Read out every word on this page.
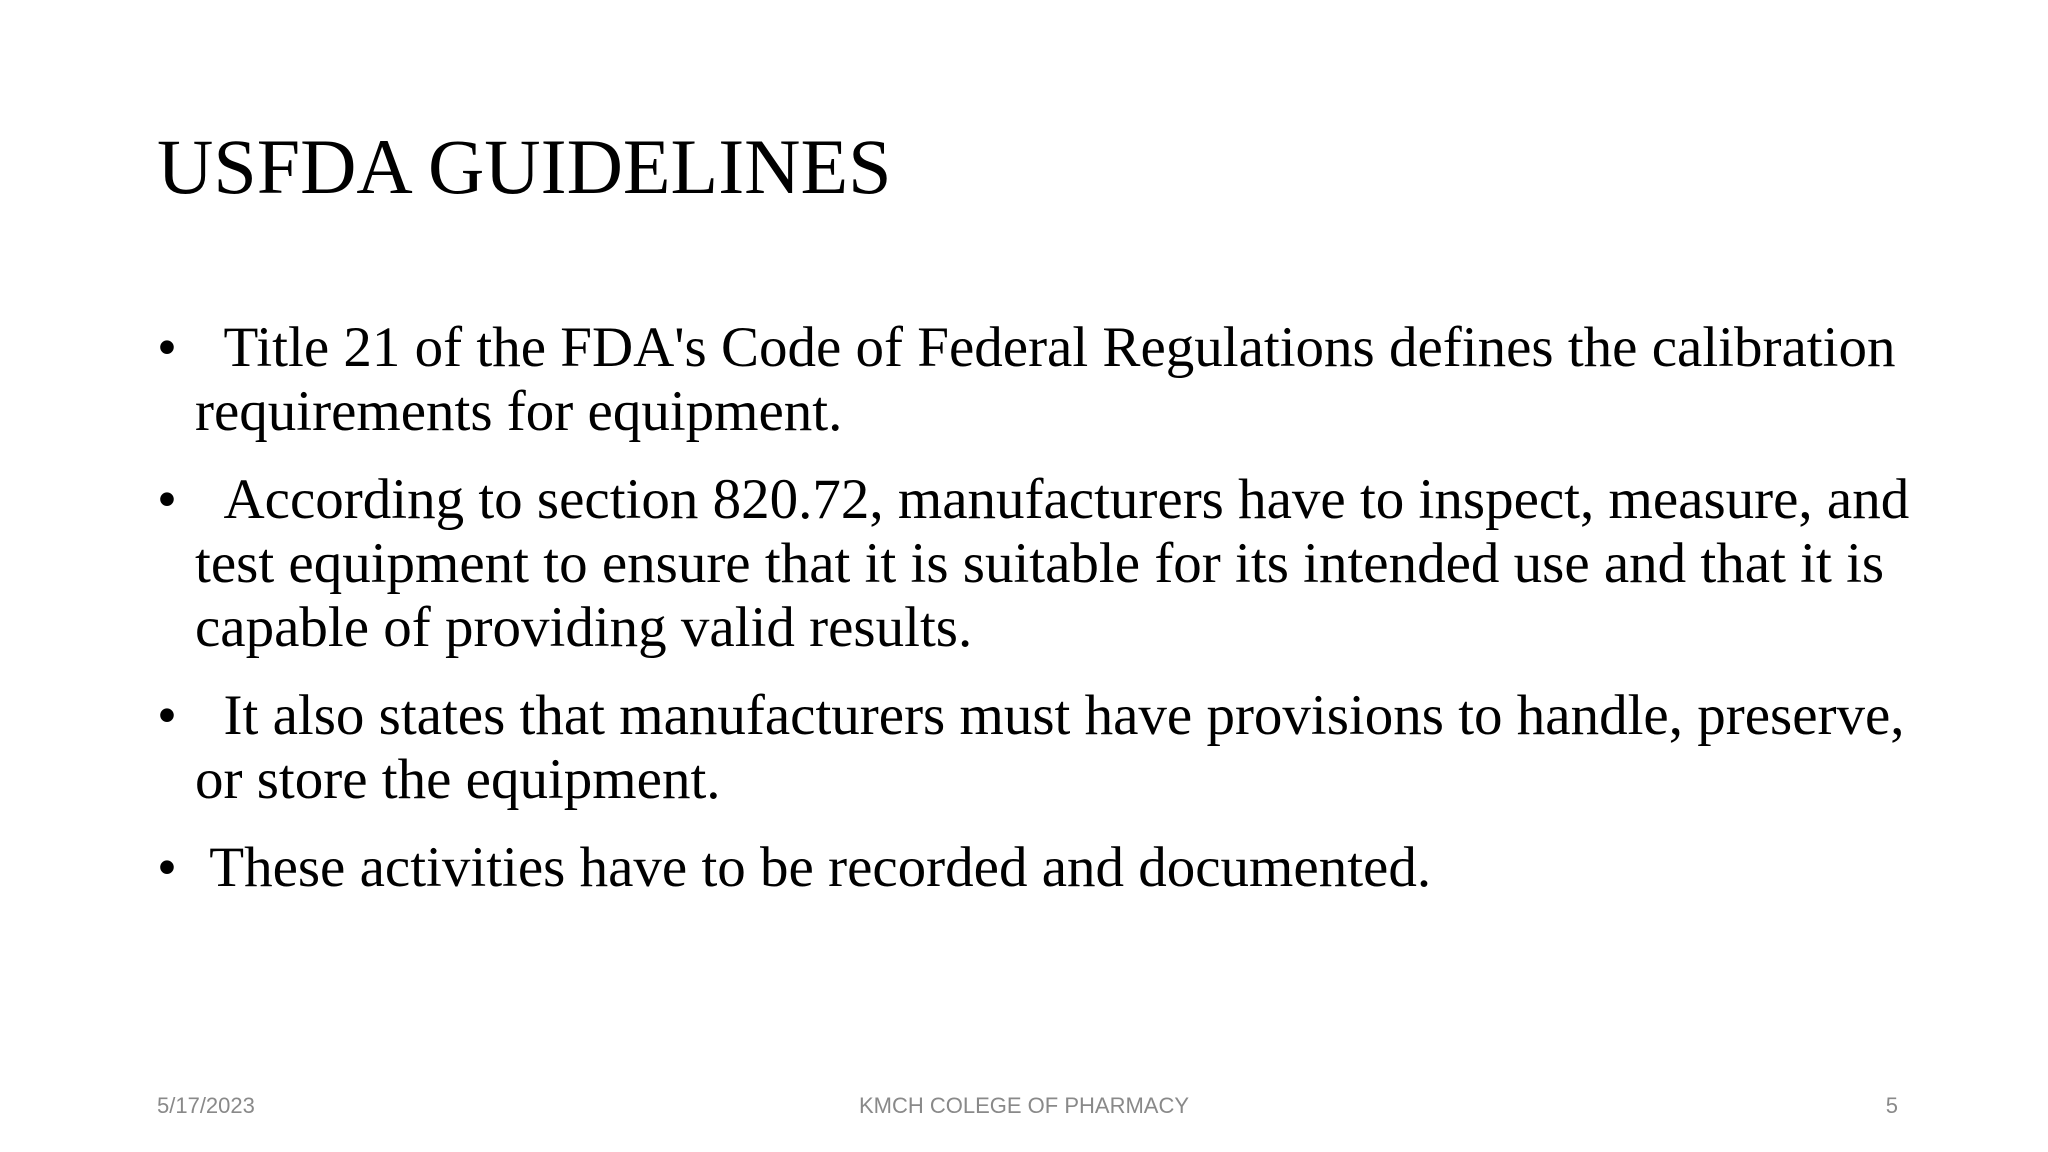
USFDA GUIDELINES
• Title 21 of the FDA's Code of Federal Regulations defines the calibration requirements for equipment.
• According to section 820.72, manufacturers have to inspect, measure, and test equipment to ensure that it is suitable for its intended use and that it is capable of providing valid results.
• It also states that manufacturers must have provisions to handle, preserve, or store the equipment.
• These activities have to be recorded and documented.
5/17/2023	KMCH COLEGE OF PHARMACY	5
